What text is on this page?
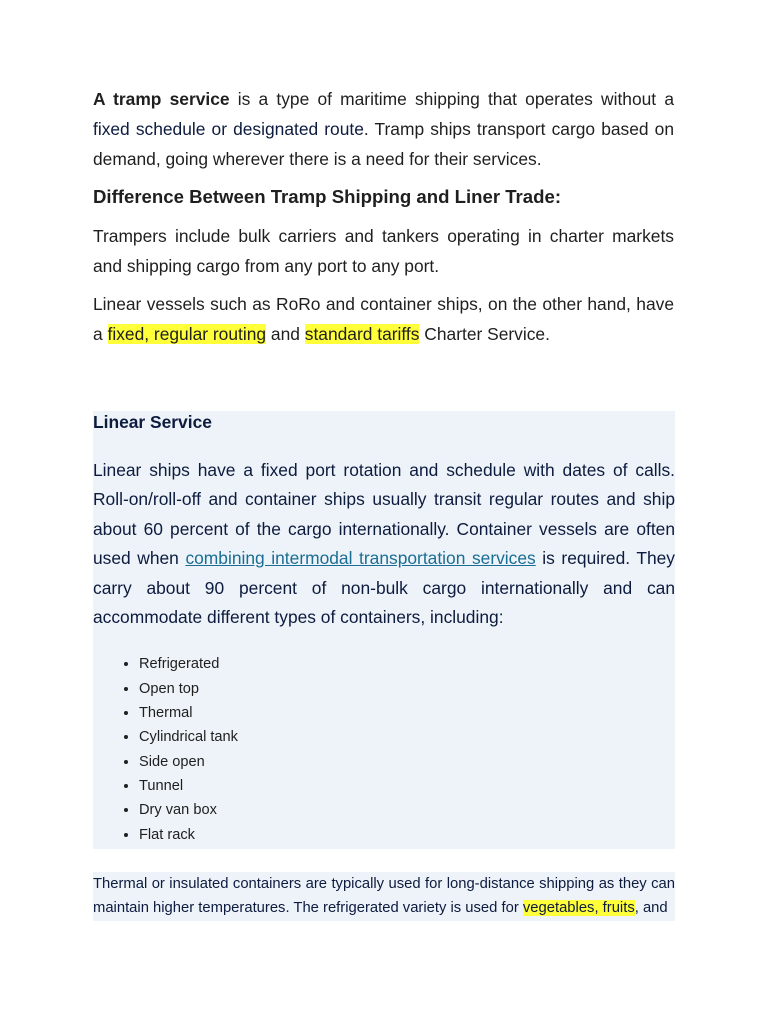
A tramp service is a type of maritime shipping that operates without a fixed schedule or designated route. Tramp ships transport cargo based on demand, going wherever there is a need for their services.

Difference Between Tramp Shipping and Liner Trade:

Trampers include bulk carriers and tankers operating in charter markets and shipping cargo from any port to any port.

Linear vessels such as RoRo and container ships, on the other hand, have a fixed, regular routing and standard tariffs Charter Service.

Linear Service

Linear ships have a fixed port rotation and schedule with dates of calls. Roll-on/roll-off and container ships usually transit regular routes and ship about 60 percent of the cargo internationally. Container vessels are often used when combining intermodal transportation services is required. They carry about 90 percent of non-bulk cargo internationally and can accommodate different types of containers, including:

• Refrigerated
• Open top
• Thermal
• Cylindrical tank
• Side open
• Tunnel
• Dry van box
• Flat rack

Thermal or insulated containers are typically used for long-distance shipping as they can maintain higher temperatures. The refrigerated variety is used for vegetables, fruits, and
